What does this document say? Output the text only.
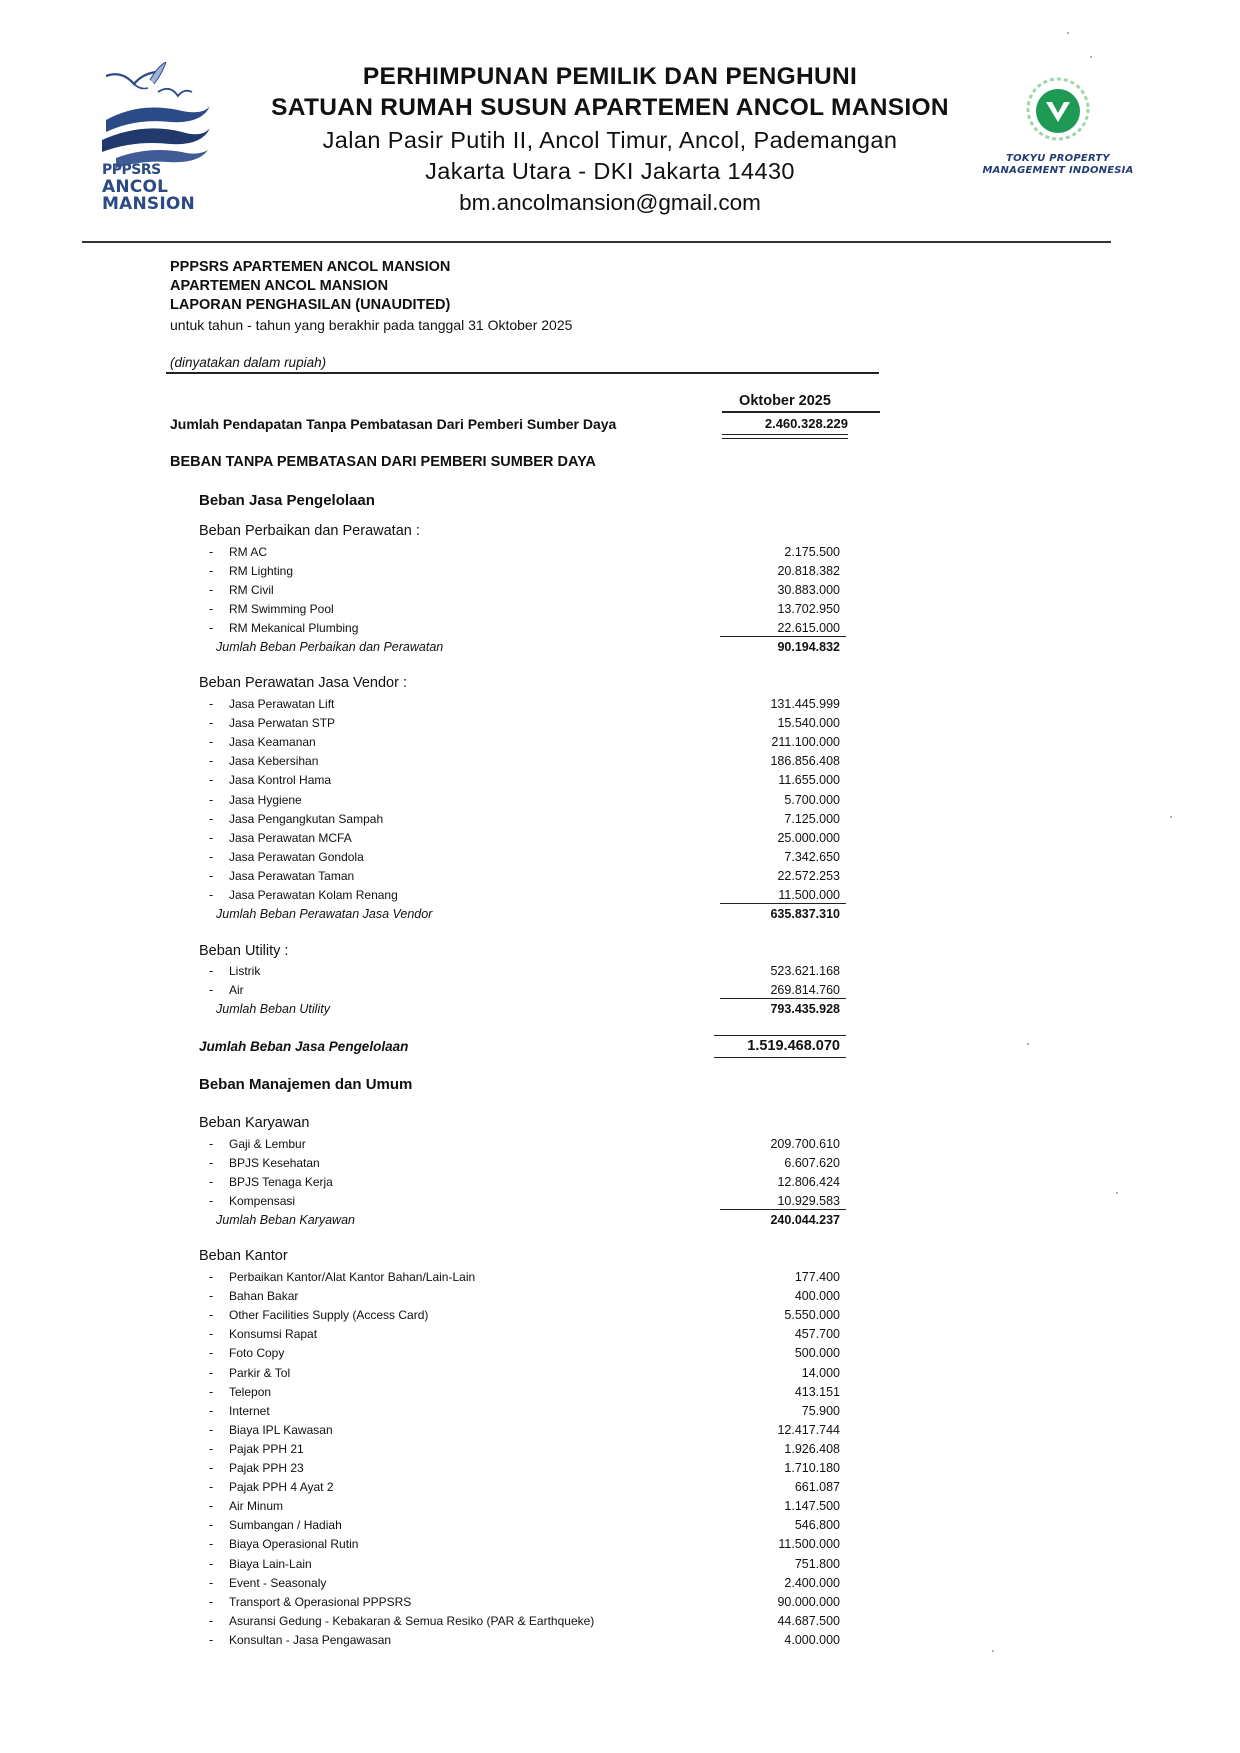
PPPSRS
ANCOL MANSION
PERHIMPUNAN PEMILIK DAN PENGHUNI
SATUAN RUMAH SUSUN APARTEMEN ANCOL MANSION
Jalan Pasir Putih II, Ancol Timur, Ancol, Pademangan
Jakarta Utara - DKI Jakarta 14430
bm.ancolmansion@gmail.com
TOKYU PROPERTY
MANAGEMENT INDONESIA
PPPSRS APARTEMEN ANCOL MANSION
APARTEMEN ANCOL MANSION
LAPORAN PENGHASILAN (UNAUDITED)
untuk tahun - tahun yang berakhir pada tanggal 31 Oktober 2025
(dinyatakan dalam rupiah)
Oktober 2025
Jumlah Pendapatan Tanpa Pembatasan Dari Pemberi Sumber Daya	2.460.328.229
BEBAN TANPA PEMBATASAN DARI PEMBERI SUMBER DAYA
Beban Jasa Pengelolaan
Beban Perbaikan dan Perawatan :
- RM AC	2.175.500
- RM Lighting	20.818.382
- RM Civil	30.883.000
- RM Swimming Pool	13.702.950
- RM Mekanical Plumbing	22.615.000
Jumlah Beban Perbaikan dan Perawatan	90.194.832
Beban Perawatan Jasa Vendor :
- Jasa Perawatan Lift	131.445.999
- Jasa Perwatan STP	15.540.000
- Jasa Keamanan	211.100.000
- Jasa Kebersihan	186.856.408
- Jasa Kontrol Hama	11.655.000
- Jasa Hygiene	5.700.000
- Jasa Pengangkutan Sampah	7.125.000
- Jasa Perawatan MCFA	25.000.000
- Jasa Perawatan Gondola	7.342.650
- Jasa Perawatan Taman	22.572.253
- Jasa Perawatan Kolam Renang	11.500.000
Jumlah Beban Perawatan Jasa Vendor	635.837.310
Beban Utility :
- Listrik	523.621.168
- Air	269.814.760
Jumlah Beban Utility	793.435.928
Jumlah Beban Jasa Pengelolaan	1.519.468.070
Beban Manajemen dan Umum
Beban Karyawan
- Gaji & Lembur	209.700.610
- BPJS Kesehatan	6.607.620
- BPJS Tenaga Kerja	12.806.424
- Kompensasi	10.929.583
Jumlah Beban Karyawan	240.044.237
Beban Kantor
- Perbaikan Kantor/Alat Kantor Bahan/Lain-Lain	177.400
- Bahan Bakar	400.000
- Other Facilities Supply (Access Card)	5.550.000
- Konsumsi Rapat	457.700
- Foto Copy	500.000
- Parkir & Tol	14.000
- Telepon	413.151
- Internet	75.900
- Biaya IPL Kawasan	12.417.744
- Pajak PPH 21	1.926.408
- Pajak PPH 23	1.710.180
- Pajak PPH 4 Ayat 2	661.087
- Air Minum	1.147.500
- Sumbangan / Hadiah	546.800
- Biaya Operasional Rutin	11.500.000
- Biaya Lain-Lain	751.800
- Event - Seasonaly	2.400.000
- Transport & Operasional PPPSRS	90.000.000
- Asuransi Gedung - Kebakaran & Semua Resiko (PAR & Earthqueke)	44.687.500
- Konsultan - Jasa Pengawasan	4.000.000
